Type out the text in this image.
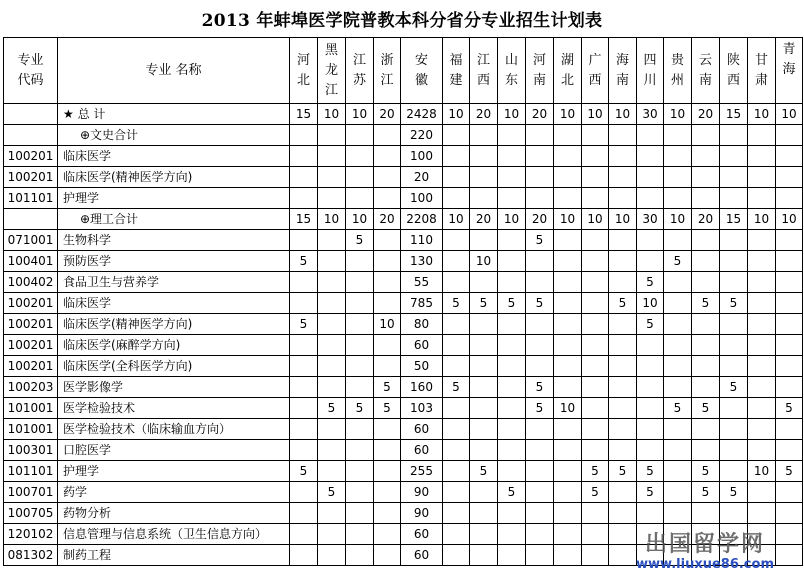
2013 年蚌埠医学院普教本科分省分专业招生计划表
专业代码	专业 名称	河北	黑龙江	江苏	浙江	安徽	福建	江西	山东	河南	湖北	广西	海南	四川	贵州	云南	陕西	甘肃	青海
	★ 总 计	15	10	10	20	2428	10	20	10	20	10	10	10	30	10	20	15	10	10
	⊕文史合计					220													
100201	临床医学					100													
100201	临床医学(精神医学方向)					20													
101101	护理学					100													
	⊕理工合计	15	10	10	20	2208	10	20	10	20	10	10	10	30	10	20	15	10	10
071001	生物科学			5		110				5									
100401	预防医学	5				130		10							5				
100402	食品卫生与营养学					55								5					
100201	临床医学					785	5	5	5	5			5	10		5	5		
100201	临床医学(精神医学方向)	5			10	80								5					
100201	临床医学(麻醉学方向)					60													
100201	临床医学(全科医学方向)					50													
100203	医学影像学				5	160	5			5							5		
101001	医学检验技术		5	5	5	103				5	10				5	5			5
101001	医学检验技术（临床输血方向）					60													
100301	口腔医学					60													
101101	护理学	5				255		5				5	5	5		5		10	5
100701	药学		5			90			5			5		5		5	5		
100705	药物分析					90													
120102	信息管理与信息系统（卫生信息方向）					60													
081302	制药工程					60														出国留学网
www.liuxue86.com
